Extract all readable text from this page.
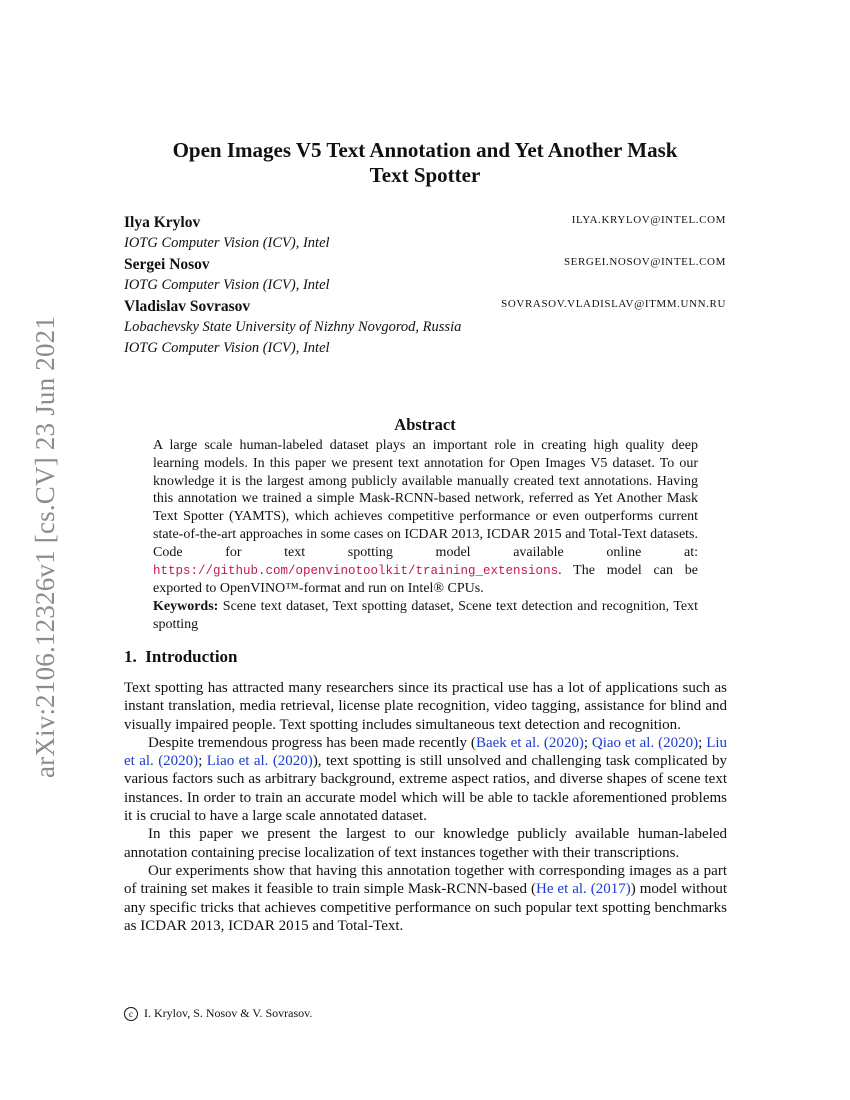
arXiv:2106.12326v1 [cs.CV] 23 Jun 2021
Open Images V5 Text Annotation and Yet Another Mask
Text Spotter
Ilya Krylov	ILYA.KRYLOV@INTEL.COM
IOTG Computer Vision (ICV), Intel
Sergei Nosov	SERGEI.NOSOV@INTEL.COM
IOTG Computer Vision (ICV), Intel
Vladislav Sovrasov	SOVRASOV.VLADISLAV@ITMM.UNN.RU
Lobachevsky State University of Nizhny Novgorod, Russia
IOTG Computer Vision (ICV), Intel
Abstract
A large scale human-labeled dataset plays an important role in creating high quality deep learning models. In this paper we present text annotation for Open Images V5 dataset. To our knowledge it is the largest among publicly available manually created text annotations. Having this annotation we trained a simple Mask-RCNN-based network, referred as Yet Another Mask Text Spotter (YAMTS), which achieves competitive performance or even outperforms current state-of-the-art approaches in some cases on ICDAR 2013, ICDAR 2015 and Total-Text datasets. Code for text spotting model available online at: https://github.com/openvinotoolkit/training_extensions. The model can be exported to OpenVINO™-format and run on Intel® CPUs.
Keywords: Scene text dataset, Text spotting dataset, Scene text detection and recognition, Text spotting
1. Introduction

Text spotting has attracted many researchers since its practical use has a lot of applications such as instant translation, media retrieval, license plate recognition, video tagging, assistance for blind and visually impaired people. Text spotting includes simultaneous text detection and recognition.

Despite tremendous progress has been made recently (Baek et al. (2020); Qiao et al. (2020); Liu et al. (2020); Liao et al. (2020)), text spotting is still unsolved and challenging task complicated by various factors such as arbitrary background, extreme aspect ratios, and diverse shapes of scene text instances. In order to train an accurate model which will be able to tackle aforementioned problems it is crucial to have a large scale annotated dataset.

In this paper we present the largest to our knowledge publicly available human-labeled annotation containing precise localization of text instances together with their transcriptions.

Our experiments show that having this annotation together with corresponding images as a part of training set makes it feasible to train simple Mask-RCNN-based (He et al. (2017)) model without any specific tricks that achieves competitive performance on such popular text spotting benchmarks as ICDAR 2013, ICDAR 2015 and Total-Text.

c I. Krylov, S. Nosov & V. Sovrasov.
